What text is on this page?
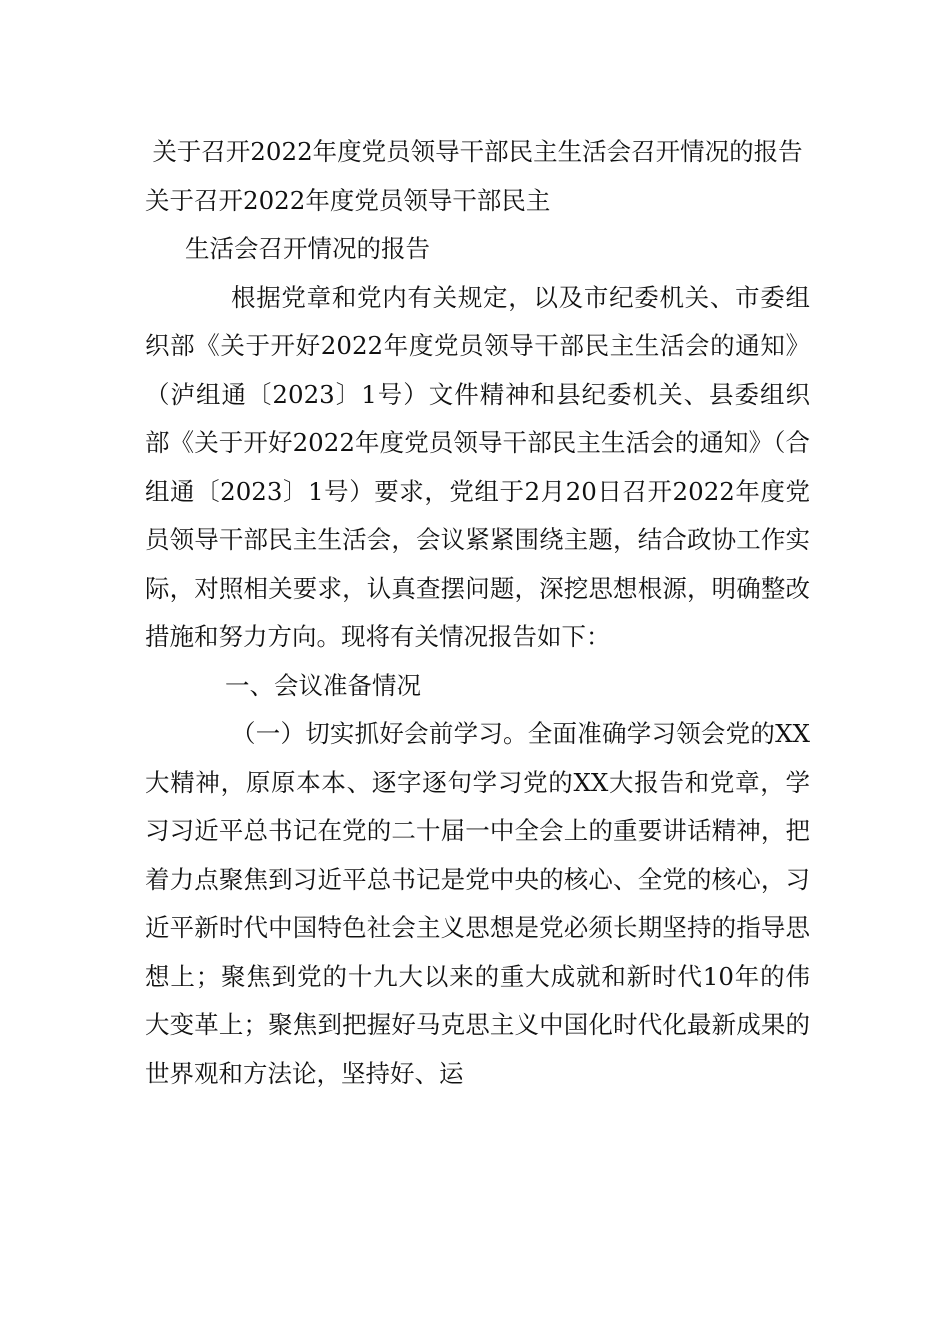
关于召开2022年度党员领导干部民主生活会召开情况的报告

关于召开2022年度党员领导干部民主

生活会召开情况的报告

根据党章和党内有关规定，以及市纪委机关、市委组织部《关于开好2022年度党员领导干部民主生活会的通知》（泸组通〔2023〕1号）文件精神和县纪委机关、县委组织部《关于开好2022年度党员领导干部民主生活会的通知》（合组通〔2023〕1号）要求，党组于2月20日召开2022年度党员领导干部民主生活会，会议紧紧围绕主题，结合政协工作实际，对照相关要求，认真查摆问题，深挖思想根源，明确整改措施和努力方向。现将有关情况报告如下：

一、会议准备情况

（一）切实抓好会前学习。全面准确学习领会党的XX大精神，原原本本、逐字逐句学习党的XX大报告和党章，学习习近平总书记在党的二十届一中全会上的重要讲话精神，把着力点聚焦到习近平总书记是党中央的核心、全党的核心，习近平新时代中国特色社会主义思想是党必须长期坚持的指导思想上；聚焦到党的十九大以来的重大成就和新时代10年的伟大变革上；聚焦到把握好马克思主义中国化时代化最新成果的世界观和方法论，坚持好、运
